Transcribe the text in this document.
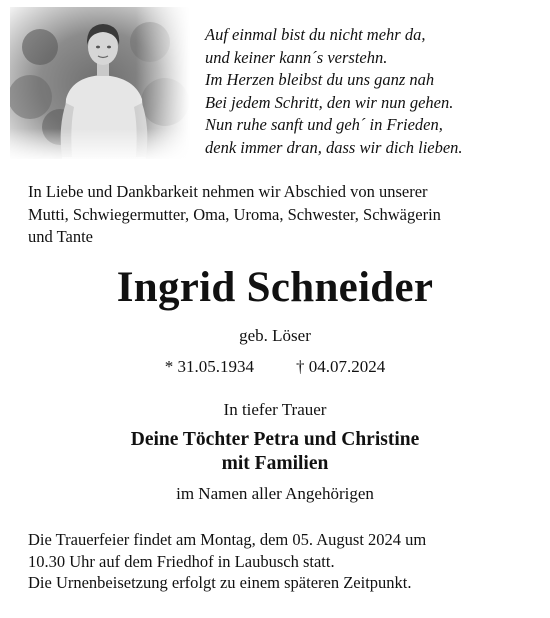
Auf einmal bist du nicht mehr da,
und keiner kann´s verstehn.
Im Herzen bleibst du uns ganz nah
Bei jedem Schritt, den wir nun gehen.
Nun ruhe sanft und geh´ in Frieden,
denk immer dran, dass wir dich lieben.
In Liebe und Dankbarkeit nehmen wir Abschied von unserer
Mutti, Schwiegermutter, Oma, Uroma, Schwester, Schwägerin
und Tante
Ingrid Schneider
geb. Löser
* 31.05.1934 † 04.07.2024
In tiefer Trauer
Deine Töchter Petra und Christine
mit Familien
im Namen aller Angehörigen
Die Trauerfeier findet am Montag, dem 05. August 2024 um
10.30 Uhr auf dem Friedhof in Laubusch statt.
Die Urnenbeisetzung erfolgt zu einem späteren Zeitpunkt.
